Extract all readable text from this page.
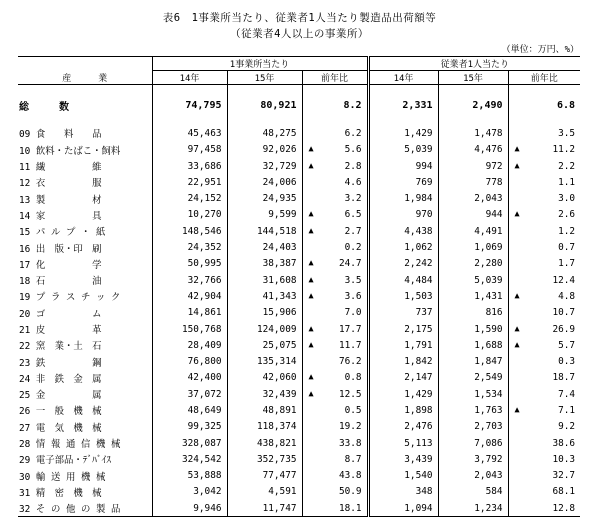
表6　1事業所当たり、従業者1人当たり製造品出荷額等
（従業者4人以上の事業所）
（単位：万円、%）
	1事業所当たり			従業者1人当たり		
産　　　業	14年	15年	前年比	14年	15年	前年比

総　　　数	74,795	80,921	8.2	2,331	2,490	6.8

09 食　　料　　品	45,463	48,275	6.2	1,429	1,478	3.5

10 飲料・たばこ・飼料	97,458	92,026	▲ 5.6	5,039	4,476	▲ 11.2

11 繊　　　　　維	33,686	32,729	▲ 2.8	994	972	▲ 2.2

12 衣　　　　　服	22,951	24,006	4.6	769	778	1.1

13 製　　　　　材	24,152	24,935	3.2	1,984	2,043	3.0

14 家　　　　　具	10,270	9,599	▲ 6.5	970	944	▲ 2.6

15 パ ル プ ・ 紙	148,546	144,518	▲ 2.7	4,438	4,491	1.2

16 出　版・印　刷	24,352	24,403	0.2	1,062	1,069	0.7

17 化　　　　　学	50,995	38,387	▲ 24.7	2,242	2,280	1.7

18 石　　　　　油	32,766	31,608	▲ 3.5	4,484	5,039	12.4

19 プ ラ ス チ ッ ク	42,904	41,343	▲ 3.6	1,503	1,431	▲ 4.8

20 ゴ　　　　　ム	14,861	15,906	7.0	737	816	10.7

21 皮　　　　　革	150,768	124,009	▲ 17.7	2,175	1,590	▲ 26.9

22 窯　業・土　石	28,409	25,075	▲ 11.7	1,791	1,688	▲ 5.7

23 鉄　　　　　鋼	76,800	135,314	76.2	1,842	1,847	0.3

24 非　鉄　金　属	42,400	42,060	▲ 0.8	2,147	2,549	18.7

25 金　　　　　属	37,072	32,439	▲ 12.5	1,429	1,534	7.4

26 一　般　機　械	48,649	48,891	0.5	1,898	1,763	▲ 7.1

27 電　気　機　械	99,325	118,374	19.2	2,476	2,703	9.2

28 情 報 通 信 機 械	328,087	438,821	33.8	5,113	7,086	38.6

29 電子部品・ﾃﾞﾊﾞｲｽ	324,542	352,735	8.7	3,439	3,792	10.3

30 輸 送 用 機 械	53,888	77,477	43.8	1,540	2,043	32.7

31 精　密　機　械	3,042	4,591	50.9	348	584	68.1

32 そ の 他 の 製 品	9,946	11,747	18.1	1,094	1,234	12.8
